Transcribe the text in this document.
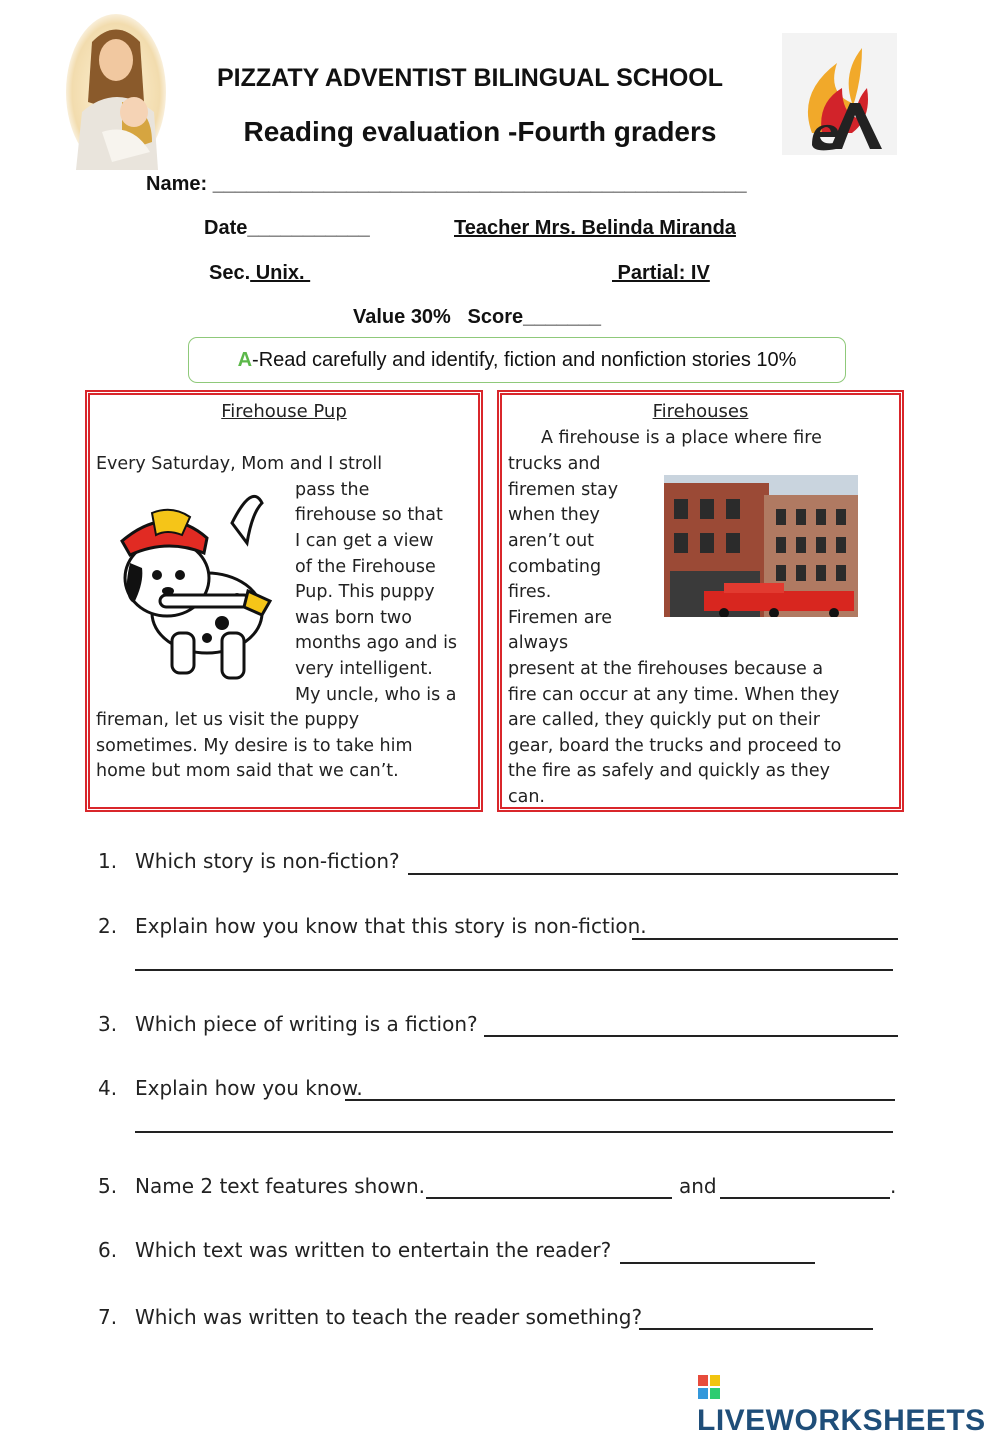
PIZZATY ADVENTIST BILINGUAL SCHOOL
Reading evaluation -Fourth graders
Name: ________________________________________________
Date___________	Teacher Mrs. Belinda Miranda
Sec. Unix.	Partial: IV
Value 30% Score_______
A-Read carefully and identify, fiction and nonfiction stories 10%
Firehouse Pup
Every Saturday, Mom and I stroll
pass the
firehouse so that
I can get a view
of the Firehouse
Pup. This puppy
was born two
months ago and is
very intelligent.
My uncle, who is a
fireman, let us visit the puppy
sometimes. My desire is to take him
home but mom said that we can’t.
Firehouses
A firehouse is a place where fire
trucks and
firemen stay
when they
aren’t out
combating
fires.
Firemen are
always
present at the firehouses because a
fire can occur at any time. When they
are called, they quickly put on their
gear, board the trucks and proceed to
the fire as safely and quickly as they
can.
1. Which story is non-fiction?
2. Explain how you know that this story is non-fiction.
3. Which piece of writing is a fiction?
4. Explain how you know.
5. Name 2 text features shown.	and	.
6. Which text was written to entertain the reader?
7. Which was written to teach the reader something?
LIVEWORKSHEETS
